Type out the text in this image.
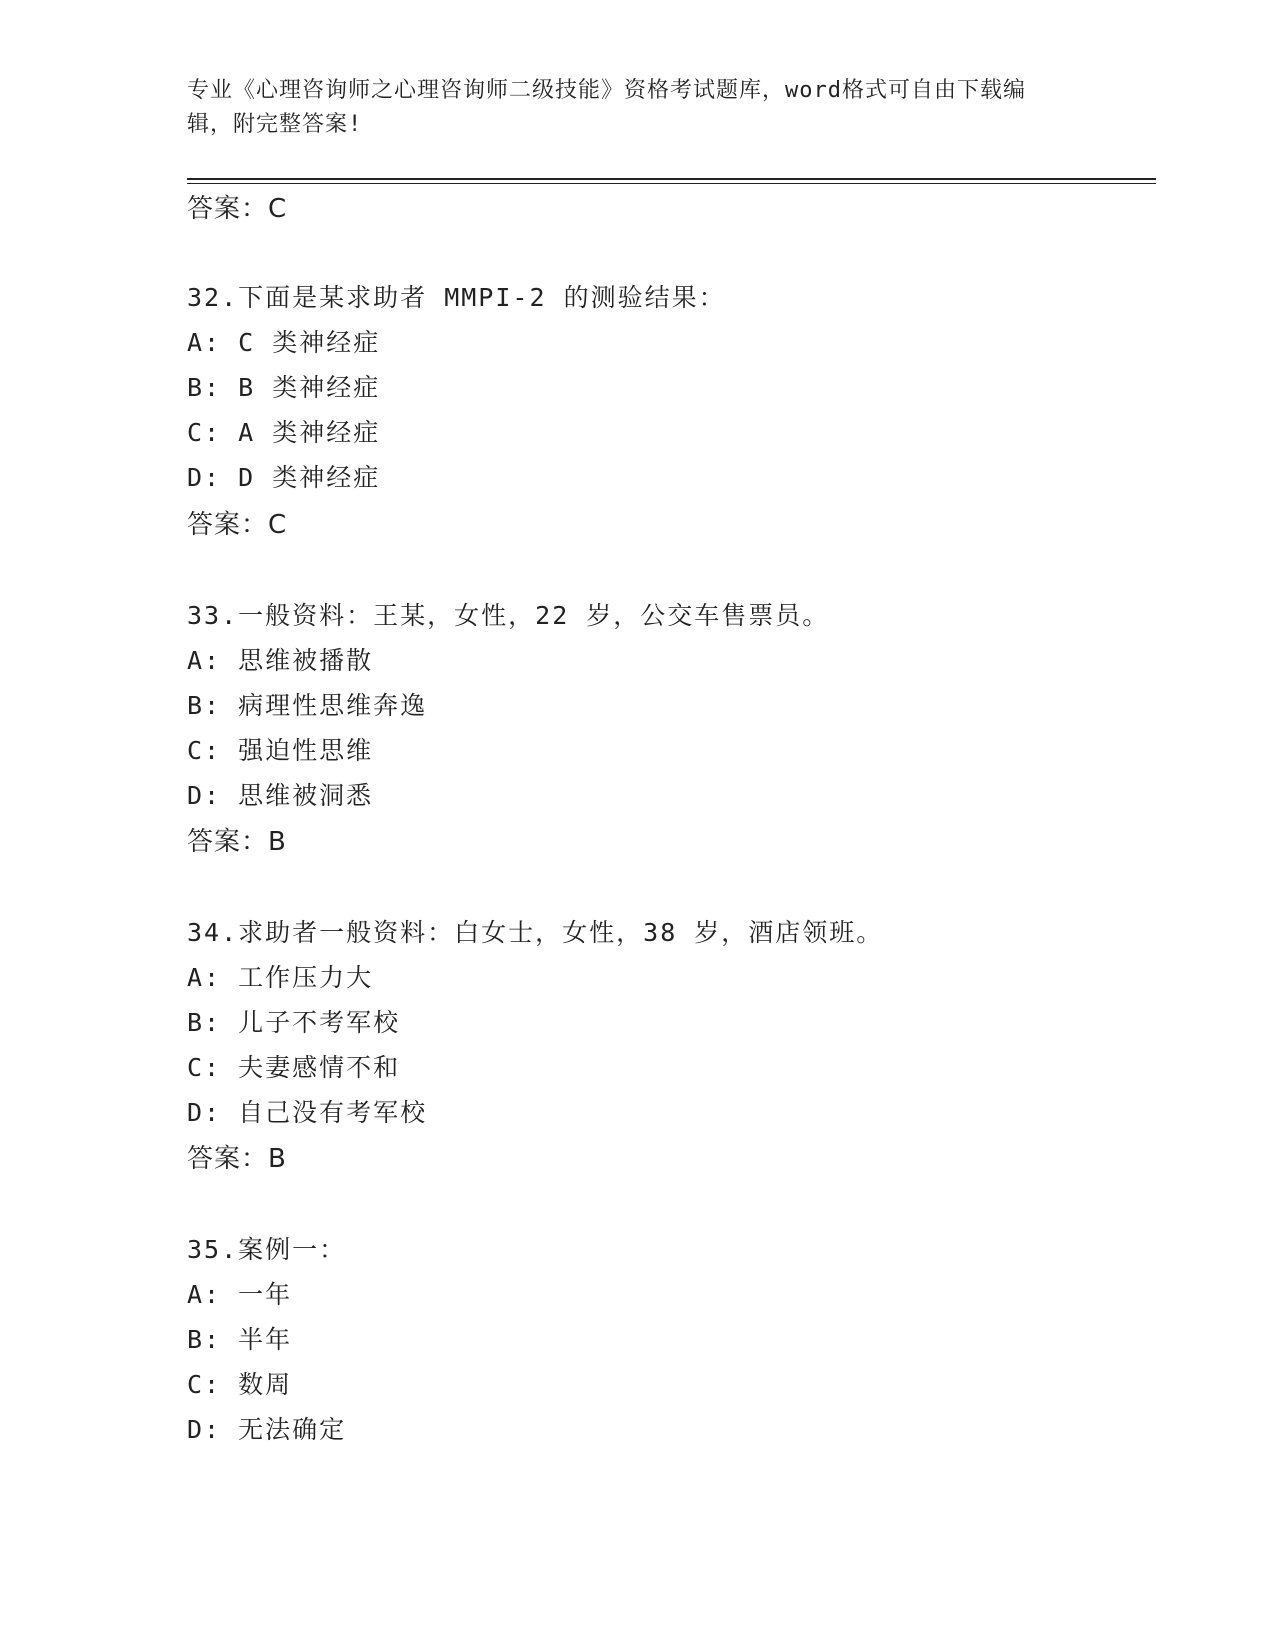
专业《心理咨询师之心理咨询师二级技能》资格考试题库，word格式可自由下载编辑，附完整答案!
答案：C
32.下面是某求助者 MMPI-2 的测验结果：
A: C 类神经症
B: B 类神经症
C: A 类神经症
D: D 类神经症
答案：C
33.一般资料：王某，女性，22 岁，公交车售票员。
A: 思维被播散
B: 病理性思维奔逸
C: 强迫性思维
D: 思维被洞悉
答案：B
34.求助者一般资料：白女士，女性，38 岁，酒店领班。
A: 工作压力大
B: 儿子不考军校
C: 夫妻感情不和
D: 自己没有考军校
答案：B
35.案例一：
A: 一年
B: 半年
C: 数周
D: 无法确定
